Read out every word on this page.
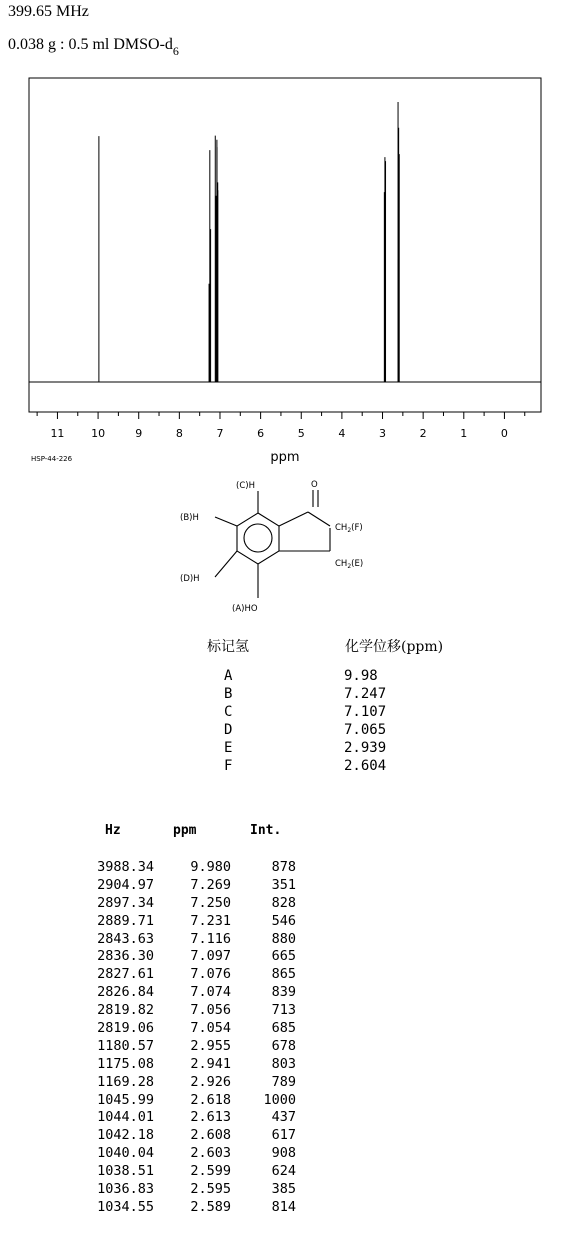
399.65 MHz
0.038 g : 0.5 ml DMSO-$d_6$
11 10	9	8	7	6	5	4	3	2	1	0
ppm
HSP-44-226
(C)H
(B)H
(D)H
(A)HO
O
$CH_2(F)$
$CH_2(E)$
标记氢	化学位移(ppm)
A	9.98
B	7.247
C	7.107
D	7.065
E	2.939
F	2.604
Hz	ppm	Int.
3988.34	9.980	878
2904.97	7.269	351
2897.34	7.250	828
2889.71	7.231	546
2843.63	7.116	880
2836.30	7.097	665
2827.61	7.076	865
2826.84	7.074	839
2819.82	7.056	713
2819.06	7.054	685
1180.57	2.955	678
1175.08	2.941	803
1169.28	2.926	789
1045.99	2.618	1000
1044.01	2.613	437
1042.18	2.608	617
1040.04	2.603	908
1038.51	2.599	624
1036.83	2.595	385
1034.55	2.589	814
